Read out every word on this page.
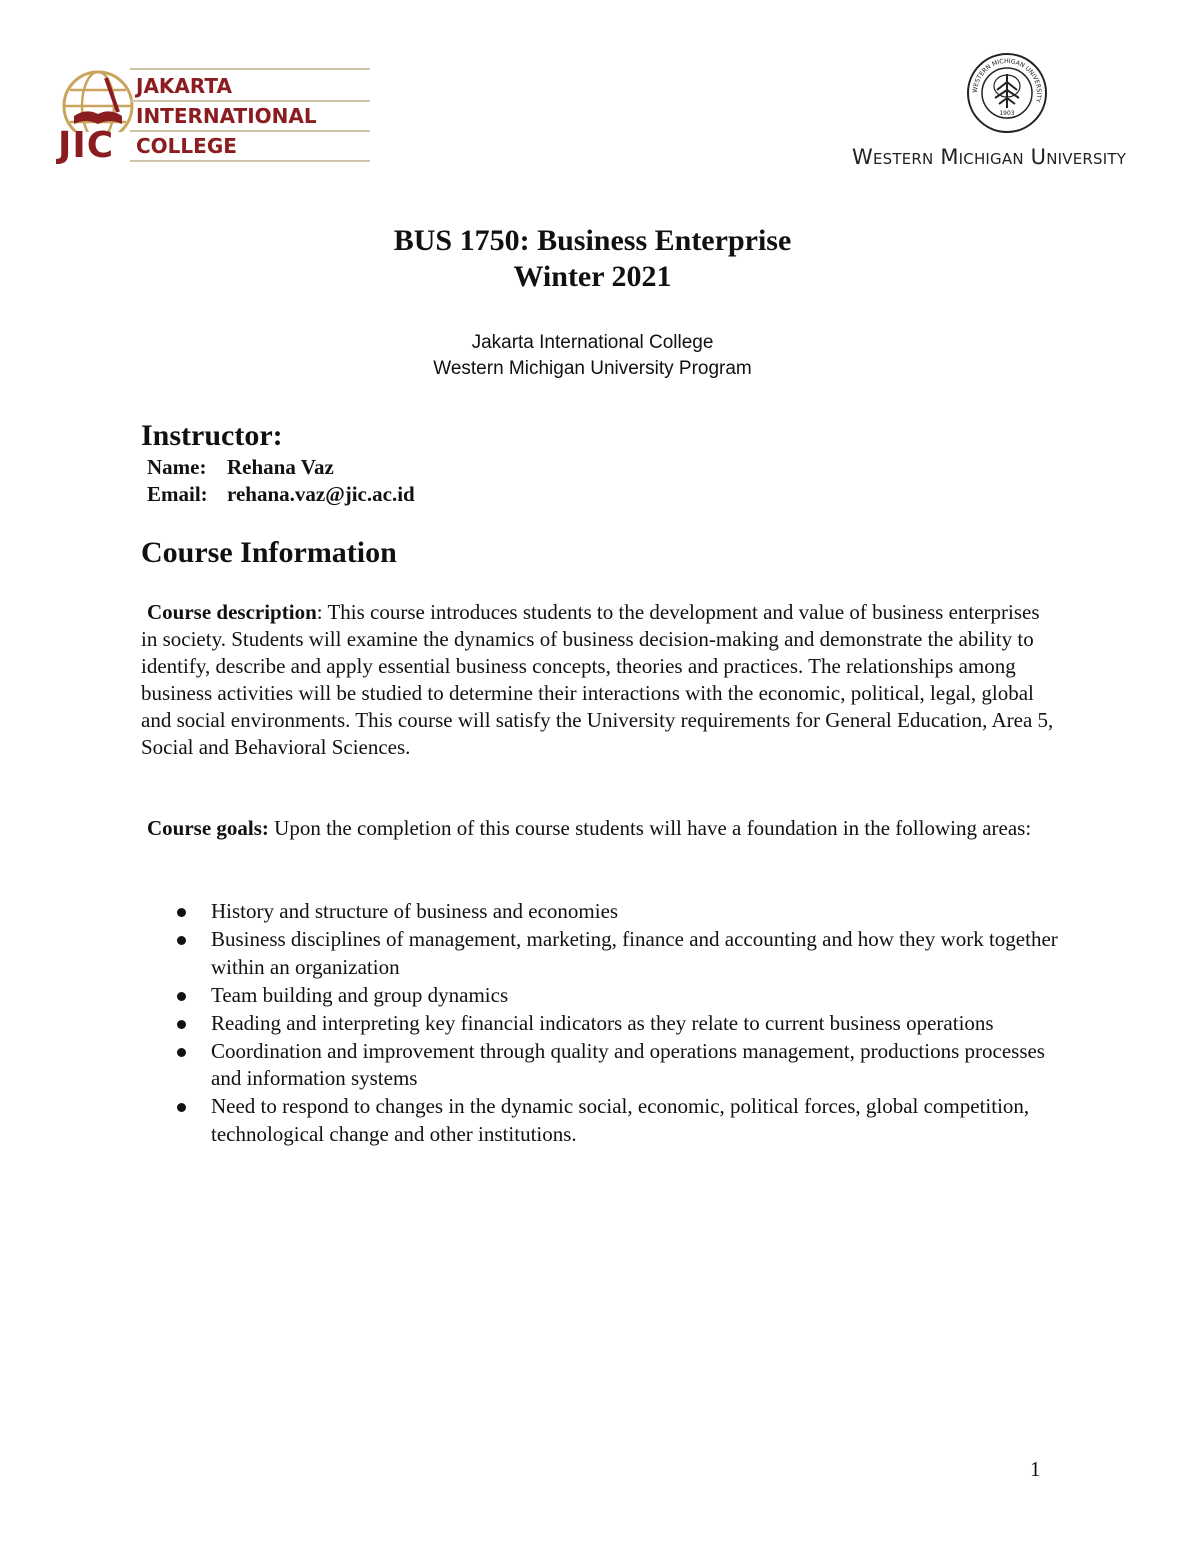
JIC
JAKARTA
INTERNATIONAL
COLLEGE
WESTERN MICHIGAN UNIVERSITY
1903
Western Michigan University
BUS 1750: Business Enterprise
Winter 2021
Jakarta International College
Western Michigan University Program
Instructor:
Name: Rehana Vaz
Email: rehana.vaz@jic.ac.id
Course Information

Course description: This course introduces students to the development and value of business enterprises in society. Students will examine the dynamics of business decision-making and demonstrate the ability to identify, describe and apply essential business concepts, theories and practices. The relationships among business activities will be studied to determine their interactions with the economic, political, legal, global and social environments. This course will satisfy the University requirements for General Education, Area 5, Social and Behavioral Sciences.

Course goals: Upon the completion of this course students will have a foundation in the following areas:

History and structure of business and economies
Business disciplines of management, marketing, finance and accounting and how they work together within an organization
Team building and group dynamics
Reading and interpreting key financial indicators as they relate to current business operations
Coordination and improvement through quality and operations management, productions processes and information systems
Need to respond to changes in the dynamic social, economic, political forces, global competition, technological change and other institutions.
1
